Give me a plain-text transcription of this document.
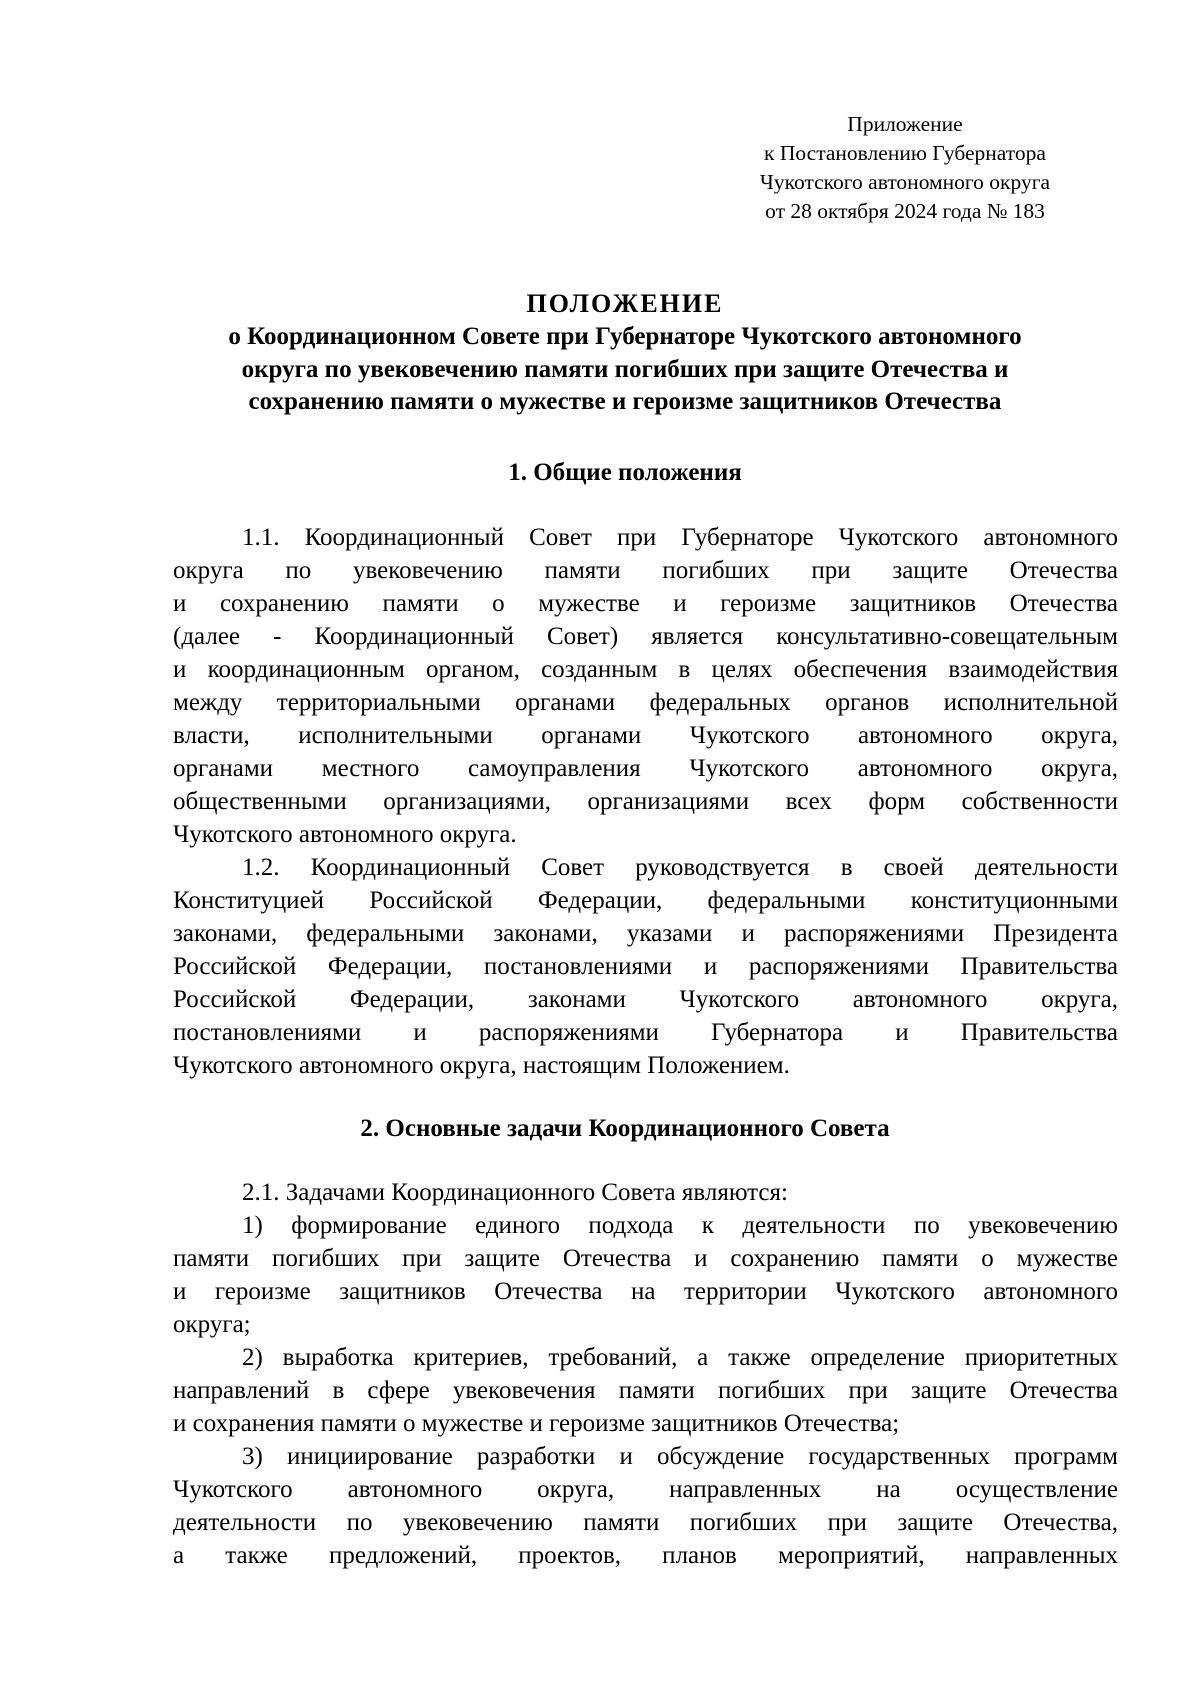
Приложение
к Постановлению Губернатора
Чукотского автономного округа
от 28 октября 2024 года № 183
ПОЛОЖЕНИЕ
о Координационном Совете при Губернаторе Чукотского автономного
округа по увековечению памяти погибших при защите Отечества и
сохранению памяти о мужестве и героизме защитников Отечества
1. Общие положения
1.1. Координационный Совет при Губернаторе Чукотского автономного
округа по увековечению памяти погибших при защите Отечества
и сохранению памяти о мужестве и героизме защитников Отечества
(далее - Координационный Совет) является консультативно-совещательным
и координационным органом, созданным в целях обеспечения взаимодействия
между территориальными органами федеральных органов исполнительной
власти, исполнительными органами Чукотского автономного округа,
органами местного самоуправления Чукотского автономного округа,
общественными организациями, организациями всех форм собственности
Чукотского автономного округа.
1.2. Координационный Совет руководствуется в своей деятельности
Конституцией Российской Федерации, федеральными конституционными
законами, федеральными законами, указами и распоряжениями Президента
Российской Федерации, постановлениями и распоряжениями Правительства
Российской Федерации, законами Чукотского автономного округа,
постановлениями и распоряжениями Губернатора и Правительства
Чукотского автономного округа, настоящим Положением.
2. Основные задачи Координационного Совета
2.1. Задачами Координационного Совета являются:
1) формирование единого подхода к деятельности по увековечению
памяти погибших при защите Отечества и сохранению памяти о мужестве
и героизме защитников Отечества на территории Чукотского автономного
округа;
2) выработка критериев, требований, а также определение приоритетных
направлений в сфере увековечения памяти погибших при защите Отечества
и сохранения памяти о мужестве и героизме защитников Отечества;
3) инициирование разработки и обсуждение государственных программ
Чукотского автономного округа, направленных на осуществление
деятельности по увековечению памяти погибших при защите Отечества,
а также предложений, проектов, планов мероприятий, направленных
